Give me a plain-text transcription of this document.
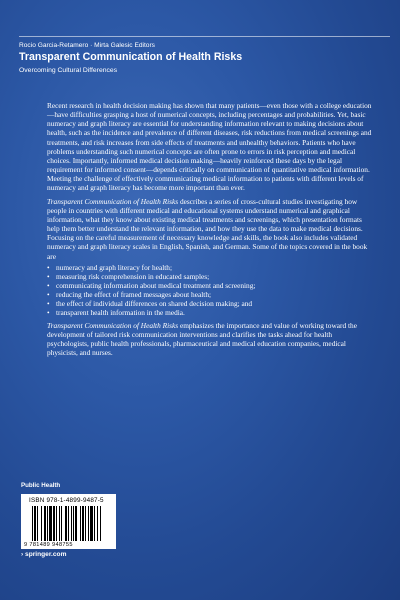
Rocio Garcia-Retamero · Mirta Galesic Editors
Transparent Communication of Health Risks
Overcoming Cultural Differences

Recent research in health decision making has shown that many patients—even those with a college education—have difficulties grasping a host of numerical concepts, including percentages and probabilities. Yet, basic numeracy and graph literacy are essential for understanding information relevant to making decisions about health, such as the incidence and prevalence of different diseases, risk reductions from medical screenings and treatments, and risk increases from side effects of treatments and unhealthy behaviors. Patients who have problems understanding such numerical concepts are often prone to errors in risk perception and medical choices. Importantly, informed medical decision making—heavily reinforced these days by the legal requirement for informed consent—depends critically on communication of quantitative medical information. Meeting the challenge of effectively communicating medical information to patients with different levels of numeracy and graph literacy has become more important than ever.

Transparent Communication of Health Risks describes a series of cross-cultural studies investigating how people in countries with different medical and educational systems understand numerical and graphical information, what they know about existing medical treatments and screenings, which presentation formats help them better understand the relevant information, and how they use the data to make medical decisions. Focusing on the careful measurement of necessary knowledge and skills, the book also includes validated numeracy and graph literacy scales in English, Spanish, and German. Some of the topics covered in the book are

• numeracy and graph literacy for health;
• measuring risk comprehension in educated samples;
• communicating information about medical treatment and screening;
• reducing the effect of framed messages about health;
• the effect of individual differences on shared decision making; and
• transparent health information in the media.

Transparent Communication of Health Risks emphasizes the importance and value of working toward the development of tailored risk communication interventions and clarifies the tasks ahead for health psychologists, public health professionals, pharmaceutical and medical education companies, medical physicists, and nurses.

Public Health
ISBN 978-1-4899-9487-5
9 781489 948755
› springer.com
